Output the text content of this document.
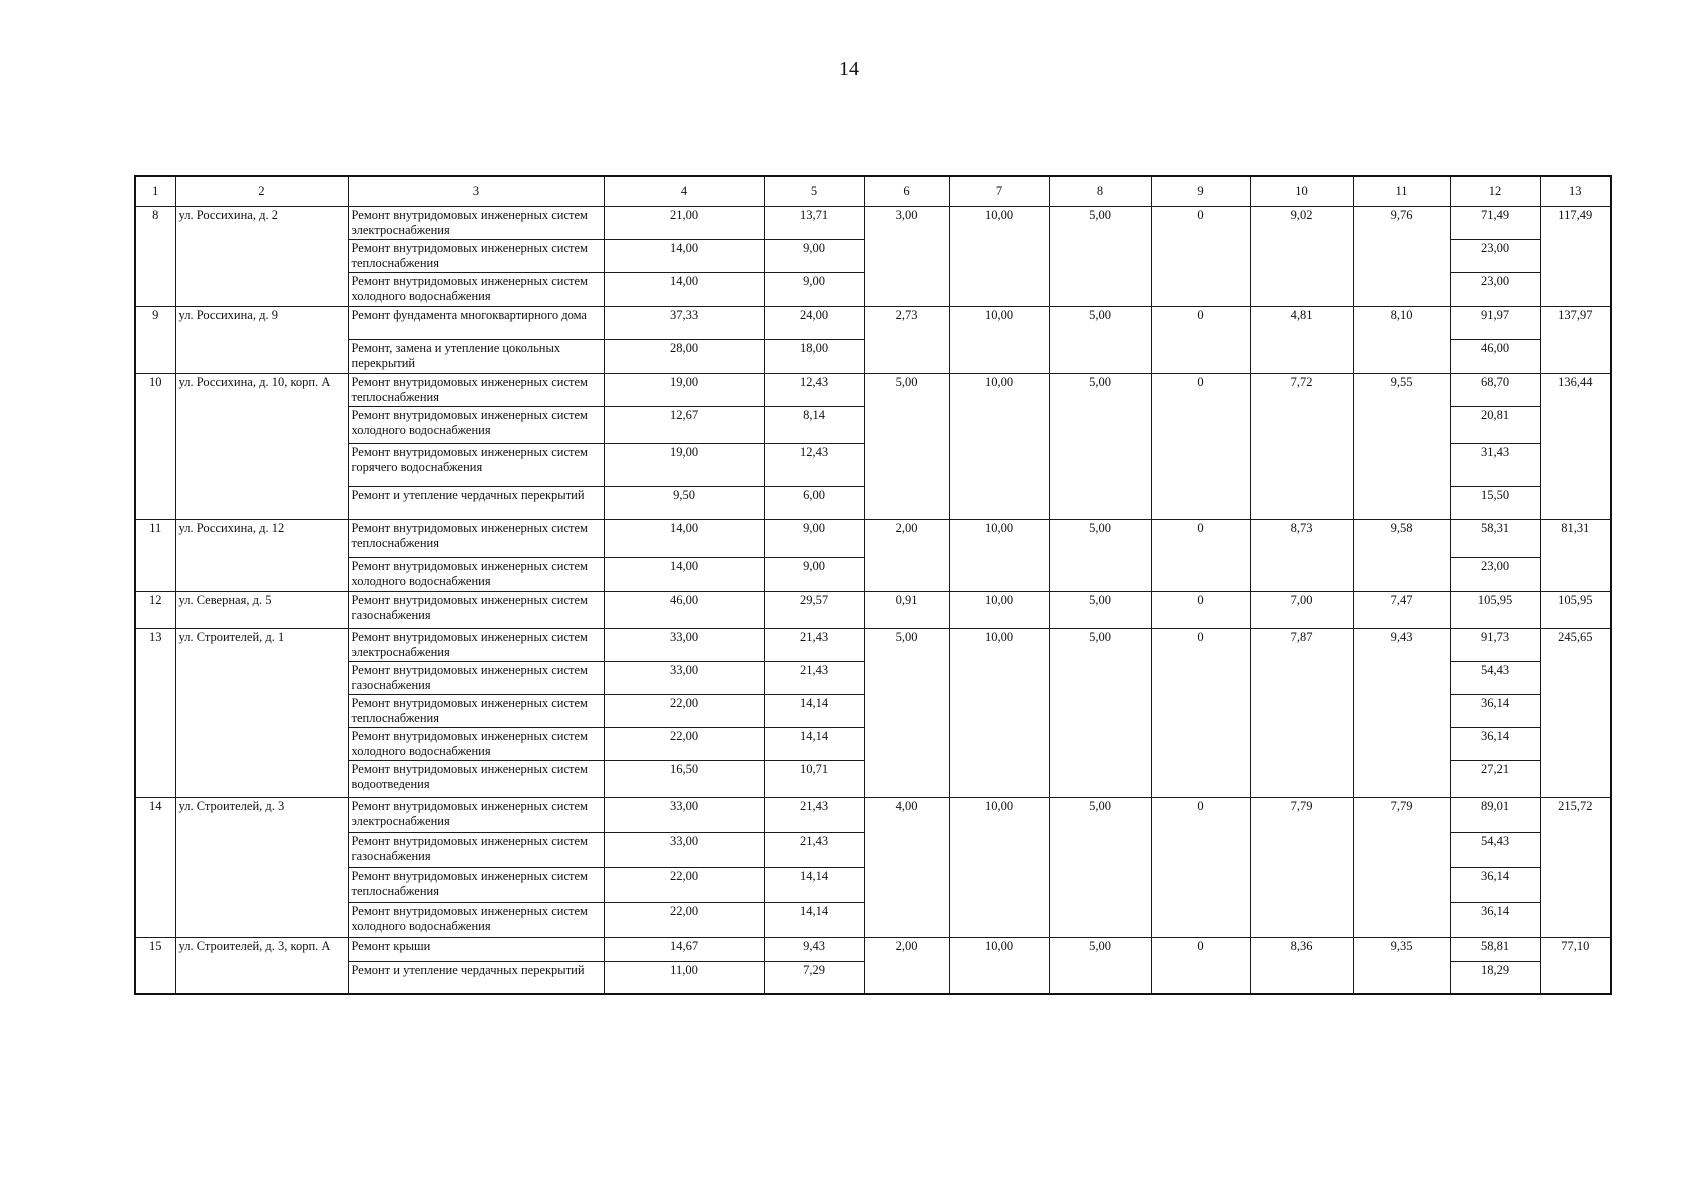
14
1	2	3	4	5	6	7	8	9	10	11	12	13
8	ул. Россихина, д. 2	Ремонт внутридомовых инженерных систем электроснабжения	21,00	13,71	3,00	10,00	5,00	0	9,02	9,76	71,49	117,49
		Ремонт внутридомовых инженерных систем теплоснабжения	14,00	9,00							23,00	
		Ремонт внутридомовых инженерных систем холодного водоснабжения	14,00	9,00							23,00	
9	ул. Россихина, д. 9	Ремонт фундамента многоквартирного дома	37,33	24,00	2,73	10,00	5,00	0	4,81	8,10	91,97	137,97
		Ремонт, замена и утепление цокольных перекрытий	28,00	18,00							46,00	
10	ул. Россихина, д. 10, корп. А	Ремонт внутридомовых инженерных систем теплоснабжения	19,00	12,43	5,00	10,00	5,00	0	7,72	9,55	68,70	136,44
		Ремонт внутридомовых инженерных систем холодного водоснабжения	12,67	8,14							20,81	
		Ремонт внутридомовых инженерных систем горячего водоснабжения	19,00	12,43							31,43	
		Ремонт и утепление чердачных перекрытий	9,50	6,00							15,50	
11	ул. Россихина, д. 12	Ремонт внутридомовых инженерных систем теплоснабжения	14,00	9,00	2,00	10,00	5,00	0	8,73	9,58	58,31	81,31
		Ремонт внутридомовых инженерных систем холодного водоснабжения	14,00	9,00							23,00	
12	ул. Северная, д. 5	Ремонт внутридомовых инженерных систем газоснабжения	46,00	29,57	0,91	10,00	5,00	0	7,00	7,47	105,95	105,95
13	ул. Строителей, д. 1	Ремонт внутридомовых инженерных систем электроснабжения	33,00	21,43	5,00	10,00	5,00	0	7,87	9,43	91,73	245,65
		Ремонт внутридомовых инженерных систем газоснабжения	33,00	21,43							54,43	
		Ремонт внутридомовых инженерных систем теплоснабжения	22,00	14,14							36,14	
		Ремонт внутридомовых инженерных систем холодного водоснабжения	22,00	14,14							36,14	
		Ремонт внутридомовых инженерных систем водоотведения	16,50	10,71							27,21	
14	ул. Строителей, д. 3	Ремонт внутридомовых инженерных систем электроснабжения	33,00	21,43	4,00	10,00	5,00	0	7,79	7,79	89,01	215,72
		Ремонт внутридомовых инженерных систем газоснабжения	33,00	21,43							54,43	
		Ремонт внутридомовых инженерных систем теплоснабжения	22,00	14,14							36,14	
		Ремонт внутридомовых инженерных систем холодного водоснабжения	22,00	14,14							36,14	
15	ул. Строителей, д. 3, корп. А	Ремонт крыши	14,67	9,43	2,00	10,00	5,00	0	8,36	9,35	58,81	77,10
		Ремонт и утепление чердачных перекрытий	11,00	7,29							18,29	
